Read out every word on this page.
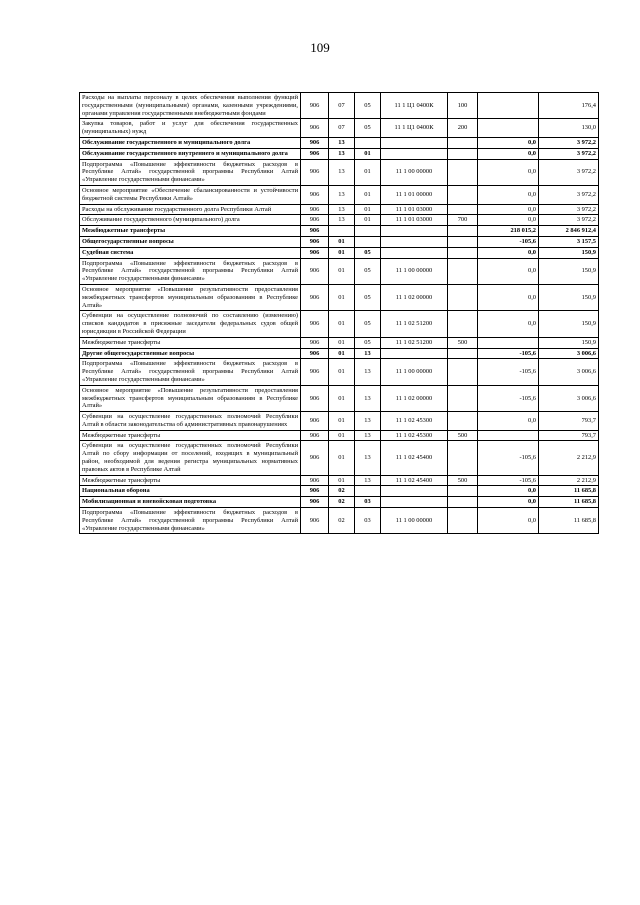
109
Расходы на выплаты персоналу в целях обеспечения выполнения функций государственными (муниципальными) органами, казенными учреждениями, органами управления государственными внебюджетными фондами	906	07	05	11 1 Ц1 0400К	100		176,4
Закупка товаров, работ и услуг для обеспечения государственных (муниципальных) нужд	906	07	05	11 1 Ц1 0400К	200		130,0
Обслуживание государственного и муниципального долга	906	13				0,0	3 972,2
Обслуживание государственного внутреннего и муниципального долга	906	13	01			0,0	3 972,2
Подпрограмма «Повышение эффективности бюджетных расходов в Республике Алтай» государственной программы Республики Алтай «Управление государственными финансами»	906	13	01	11 1 00 00000		0,0	3 972,2
Основное мероприятие «Обеспечение сбалансированности и устойчивости бюджетной системы Республики Алтай»	906	13	01	11 1 01 00000		0,0	3 972,2
Расходы на обслуживание государственного долга Республики Алтай	906	13	01	11 1 01 03000		0,0	3 972,2
Обслуживание государственного (муниципального) долга	906	13	01	11 1 01 03000	700	0,0	3 972,2
Межбюджетные трансферты	906					218 015,2	2 846 912,4
Общегосударственные вопросы	906	01				-105,6	3 157,5
Судебная система	906	01	05			0,0	150,9
Подпрограмма «Повышение эффективности бюджетных расходов в Республике Алтай» государственной программы Республики Алтай «Управление государственными финансами»	906	01	05	11 1 00 00000		0,0	150,9
Основное мероприятие «Повышение результативности предоставления межбюджетных трансфертов муниципальным образованиям в Республике Алтай»	906	01	05	11 1 02 00000		0,0	150,9
Субвенции на осуществление полномочий по составлению (изменению) списков кандидатов в присяжные заседатели федеральных судов общей юрисдикции в Российской Федерации	906	01	05	11 1 02 51200		0,0	150,9
Межбюджетные трансферты	906	01	05	11 1 02 51200	500		150,9
Другие общегосударственные вопросы	906	01	13			-105,6	3 006,6
Подпрограмма «Повышение эффективности бюджетных расходов в Республике Алтай» государственной программы Республики Алтай «Управление государственными финансами»	906	01	13	11 1 00 00000		-105,6	3 006,6
Основное мероприятие «Повышение результативности предоставления межбюджетных трансфертов муниципальным образованиям в Республике Алтай»	906	01	13	11 1 02 00000		-105,6	3 006,6
Субвенции на осуществление государственных полномочий Республики Алтай в области законодательства об административных правонарушениях	906	01	13	11 1 02 45300		0,0	793,7
Межбюджетные трансферты	906	01	13	11 1 02 45300	500		793,7
Субвенции на осуществление государственных полномочий Республики Алтай по сбору информации от поселений, входящих в муниципальный район, необходимой для ведения регистра муниципальных нормативных правовых актов в Республике Алтай	906	01	13	11 1 02 45400		-105,6	2 212,9
Межбюджетные трансферты	906	01	13	11 1 02 45400	500	-105,6	2 212,9
Национальная оборона	906	02				0,0	11 685,8
Мобилизационная и вневойсковая подготовка	906	02	03			0,0	11 685,8
Подпрограмма «Повышение эффективности бюджетных расходов в Республике Алтай» государственной программы Республики Алтай «Управление государственными финансами»	906	02	03	11 1 00 00000		0,0	11 685,8
